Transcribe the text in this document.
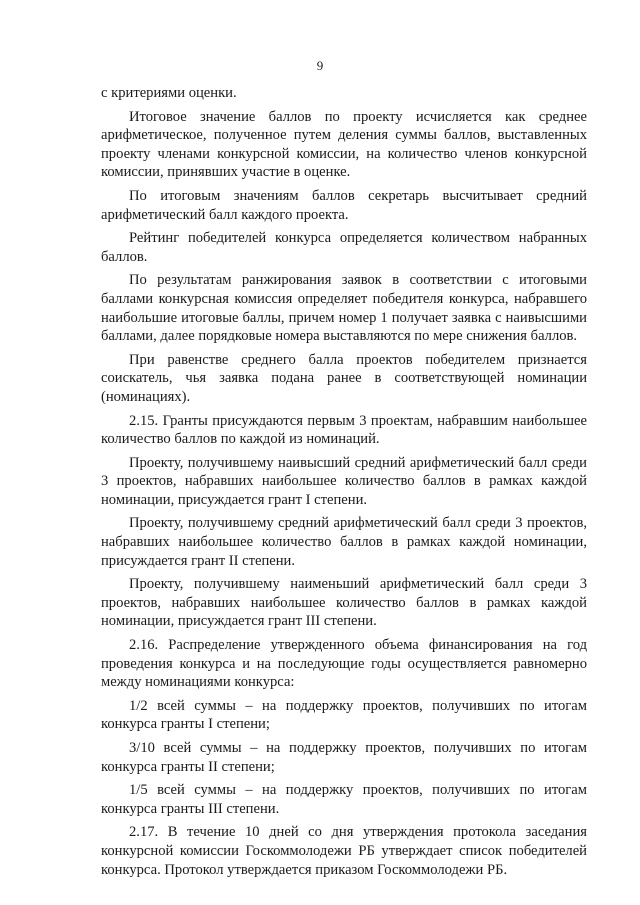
9

с критериями оценки.

Итоговое значение баллов по проекту исчисляется как среднее арифметическое, полученное путем деления суммы баллов, выставленных проекту членами конкурсной комиссии, на количество членов конкурсной комиссии, принявших участие в оценке.

По итоговым значениям баллов секретарь высчитывает средний арифметический балл каждого проекта.

Рейтинг победителей конкурса определяется количеством набранных баллов.

По результатам ранжирования заявок в соответствии с итоговыми баллами конкурсная комиссия определяет победителя конкурса, набравшего наибольшие итоговые баллы, причем номер 1 получает заявка с наивысшими баллами, далее порядковые номера выставляются по мере снижения баллов.

При равенстве среднего балла проектов победителем признается соискатель, чья заявка подана ранее в соответствующей номинации (номинациях).

2.15. Гранты присуждаются первым 3 проектам, набравшим наибольшее количество баллов по каждой из номинаций.

Проекту, получившему наивысший средний арифметический балл среди 3 проектов, набравших наибольшее количество баллов в рамках каждой номинации, присуждается грант I степени.

Проекту, получившему средний арифметический балл среди 3 проектов, набравших наибольшее количество баллов в рамках каждой номинации, присуждается грант II степени.

Проекту, получившему наименьший арифметический балл среди 3 проектов, набравших наибольшее количество баллов в рамках каждой номинации, присуждается грант III степени.

2.16. Распределение утвержденного объема финансирования на год проведения конкурса и на последующие годы осуществляется равномерно между номинациями конкурса:

1/2 всей суммы – на поддержку проектов, получивших по итогам конкурса гранты I степени;

3/10 всей суммы – на поддержку проектов, получивших по итогам конкурса гранты II степени;

1/5 всей суммы – на поддержку проектов, получивших по итогам конкурса гранты III степени.

2.17. В течение 10 дней со дня утверждения протокола заседания конкурсной комиссии Госкоммолодежи РБ утверждает список победителей конкурса. Протокол утверждается приказом Госкоммолодежи РБ.
